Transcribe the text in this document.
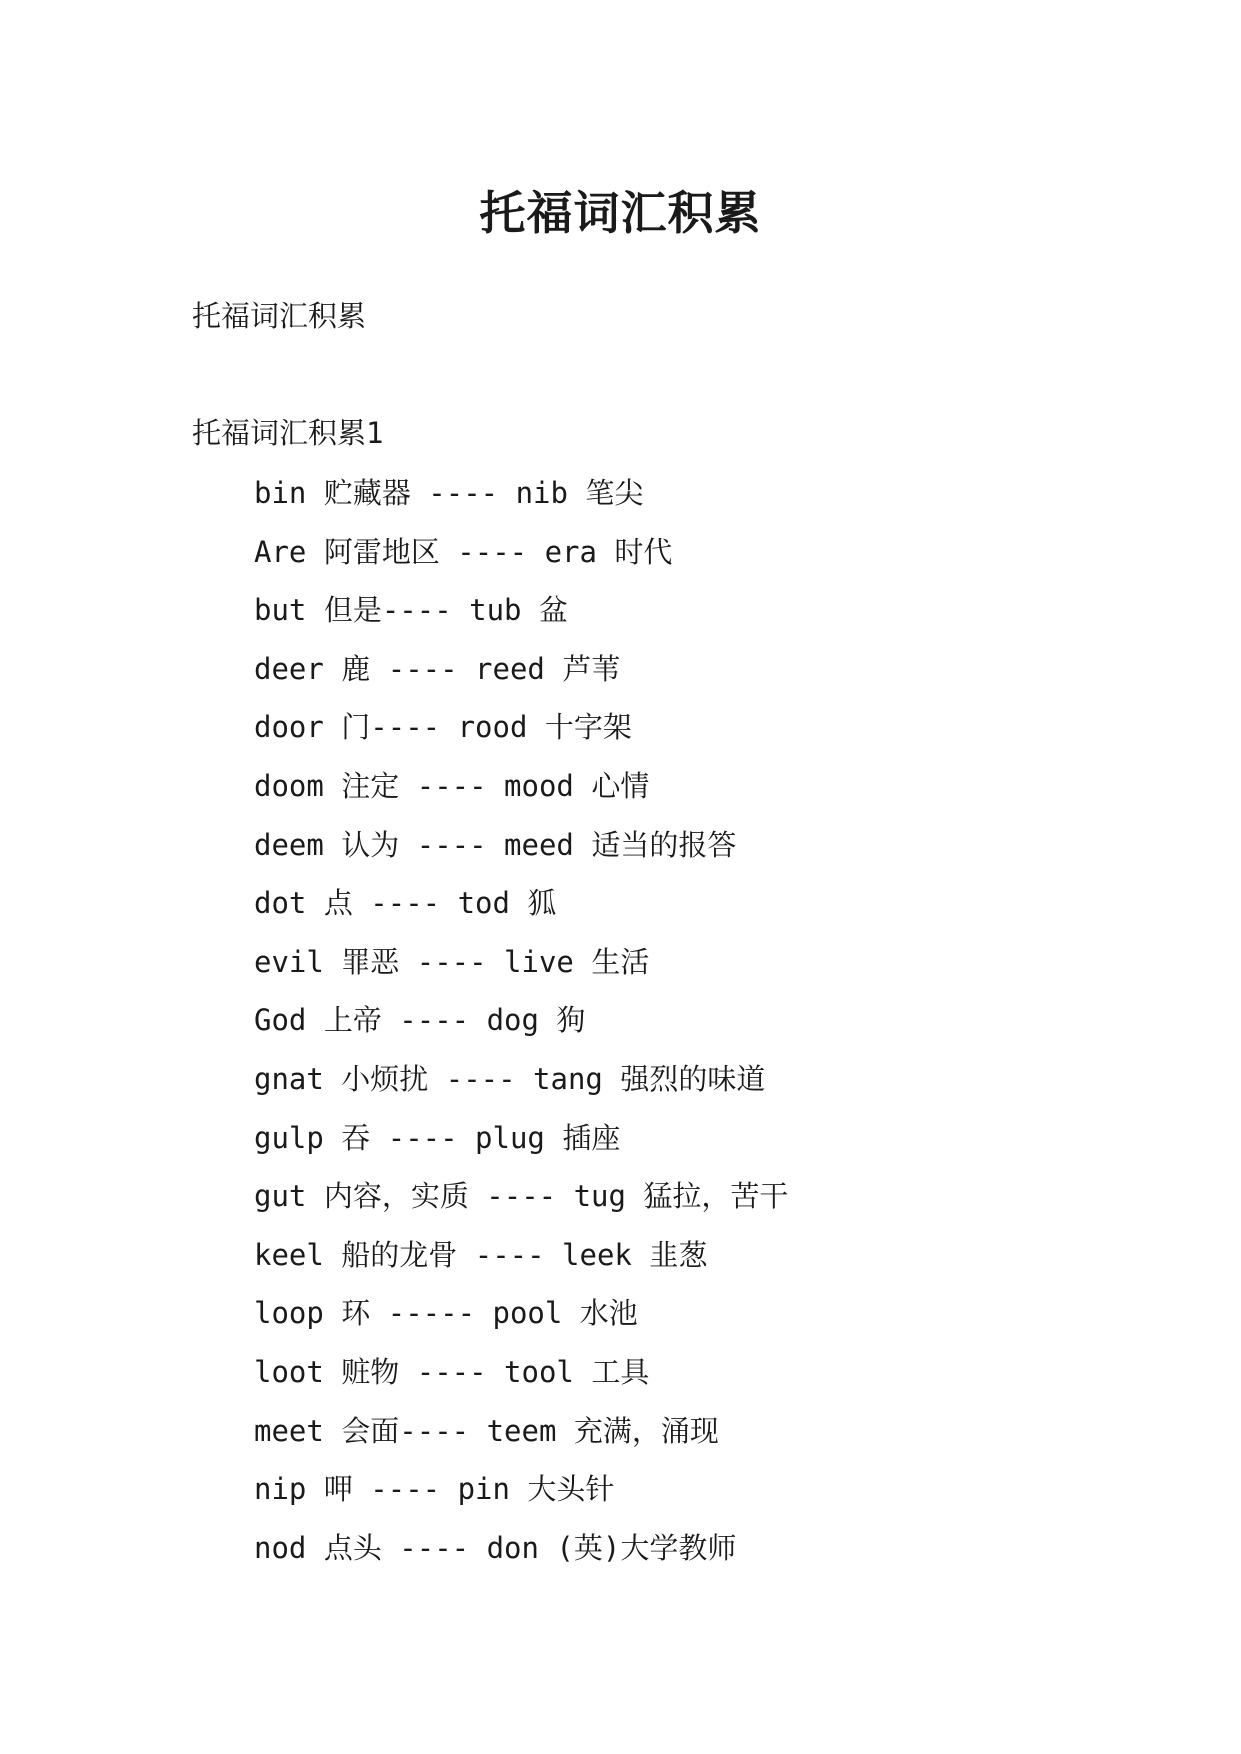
托福词汇积累
托福词汇积累
托福词汇积累1
bin 贮藏器 ---- nib 笔尖
Are 阿雷地区 ---- era 时代
but 但是---- tub 盆
deer 鹿 ---- reed 芦苇
door 门---- rood 十字架
doom 注定 ---- mood 心情
deem 认为 ---- meed 适当的报答
dot 点 ---- tod 狐
evil 罪恶 ---- live 生活
God 上帝 ---- dog 狗
gnat 小烦扰 ---- tang 强烈的味道
gulp 吞 ---- plug 插座
gut 内容，实质 ---- tug 猛拉，苦干
keel 船的龙骨 ---- leek 韭葱
loop 环 ----- pool 水池
loot 赃物 ---- tool 工具
meet 会面---- teem 充满，涌现
nip 呷 ---- pin 大头针
nod 点头 ---- don (英)大学教师
